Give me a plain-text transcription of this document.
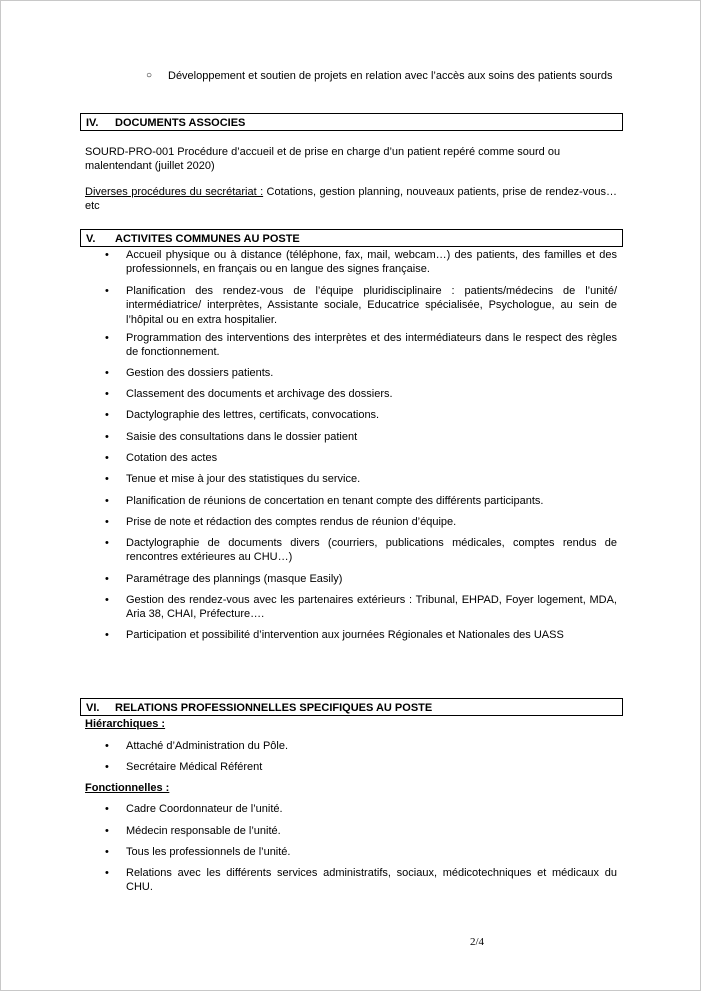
○ Développement et soutien de projets en relation avec l’accès aux soins des patients sourds
IV. DOCUMENTS ASSOCIES
SOURD-PRO-001 Procédure d’accueil et de prise en charge d’un patient repéré comme sourd ou malentendant (juillet 2020)
Diverses procédures du secrétariat : Cotations, gestion planning, nouveaux patients, prise de rendez-vous…etc
V. ACTIVITES COMMUNES AU POSTE
• Accueil physique ou à distance (téléphone, fax, mail, webcam…) des patients, des familles et des professionnels, en français ou en langue des signes française.
• Planification des rendez-vous de l’équipe pluridisciplinaire : patients/médecins de l’unité/ intermédiatrice/ interprètes, Assistante sociale, Educatrice spécialisée, Psychologue, au sein de l’hôpital ou en extra hospitalier.
• Programmation des interventions des interprètes et des intermédiateurs dans le respect des règles de fonctionnement.
• Gestion des dossiers patients.
• Classement des documents et archivage des dossiers.
• Dactylographie des lettres, certificats, convocations.
• Saisie des consultations dans le dossier patient
• Cotation des actes
• Tenue et mise à jour des statistiques du service.
• Planification de réunions de concertation en tenant compte des différents participants.
• Prise de note et rédaction des comptes rendus de réunion d’équipe.
• Dactylographie de documents divers (courriers, publications médicales, comptes rendus de rencontres extérieures au CHU…)
• Paramétrage des plannings (masque Easily)
• Gestion des rendez-vous avec les partenaires extérieurs : Tribunal, EHPAD, Foyer logement, MDA, Aria 38, CHAI, Préfecture….
• Participation et possibilité d’intervention aux journées Régionales et Nationales des UASS
VI. RELATIONS PROFESSIONNELLES SPECIFIQUES AU POSTE
Hiérarchiques :
• Attaché d’Administration du Pôle.
• Secrétaire Médical Référent
Fonctionnelles :
• Cadre Coordonnateur de l’unité.
• Médecin responsable de l’unité.
• Tous les professionnels de l’unité.
• Relations avec les différents services administratifs, sociaux, médicotechniques et médicaux du CHU.
2/4
